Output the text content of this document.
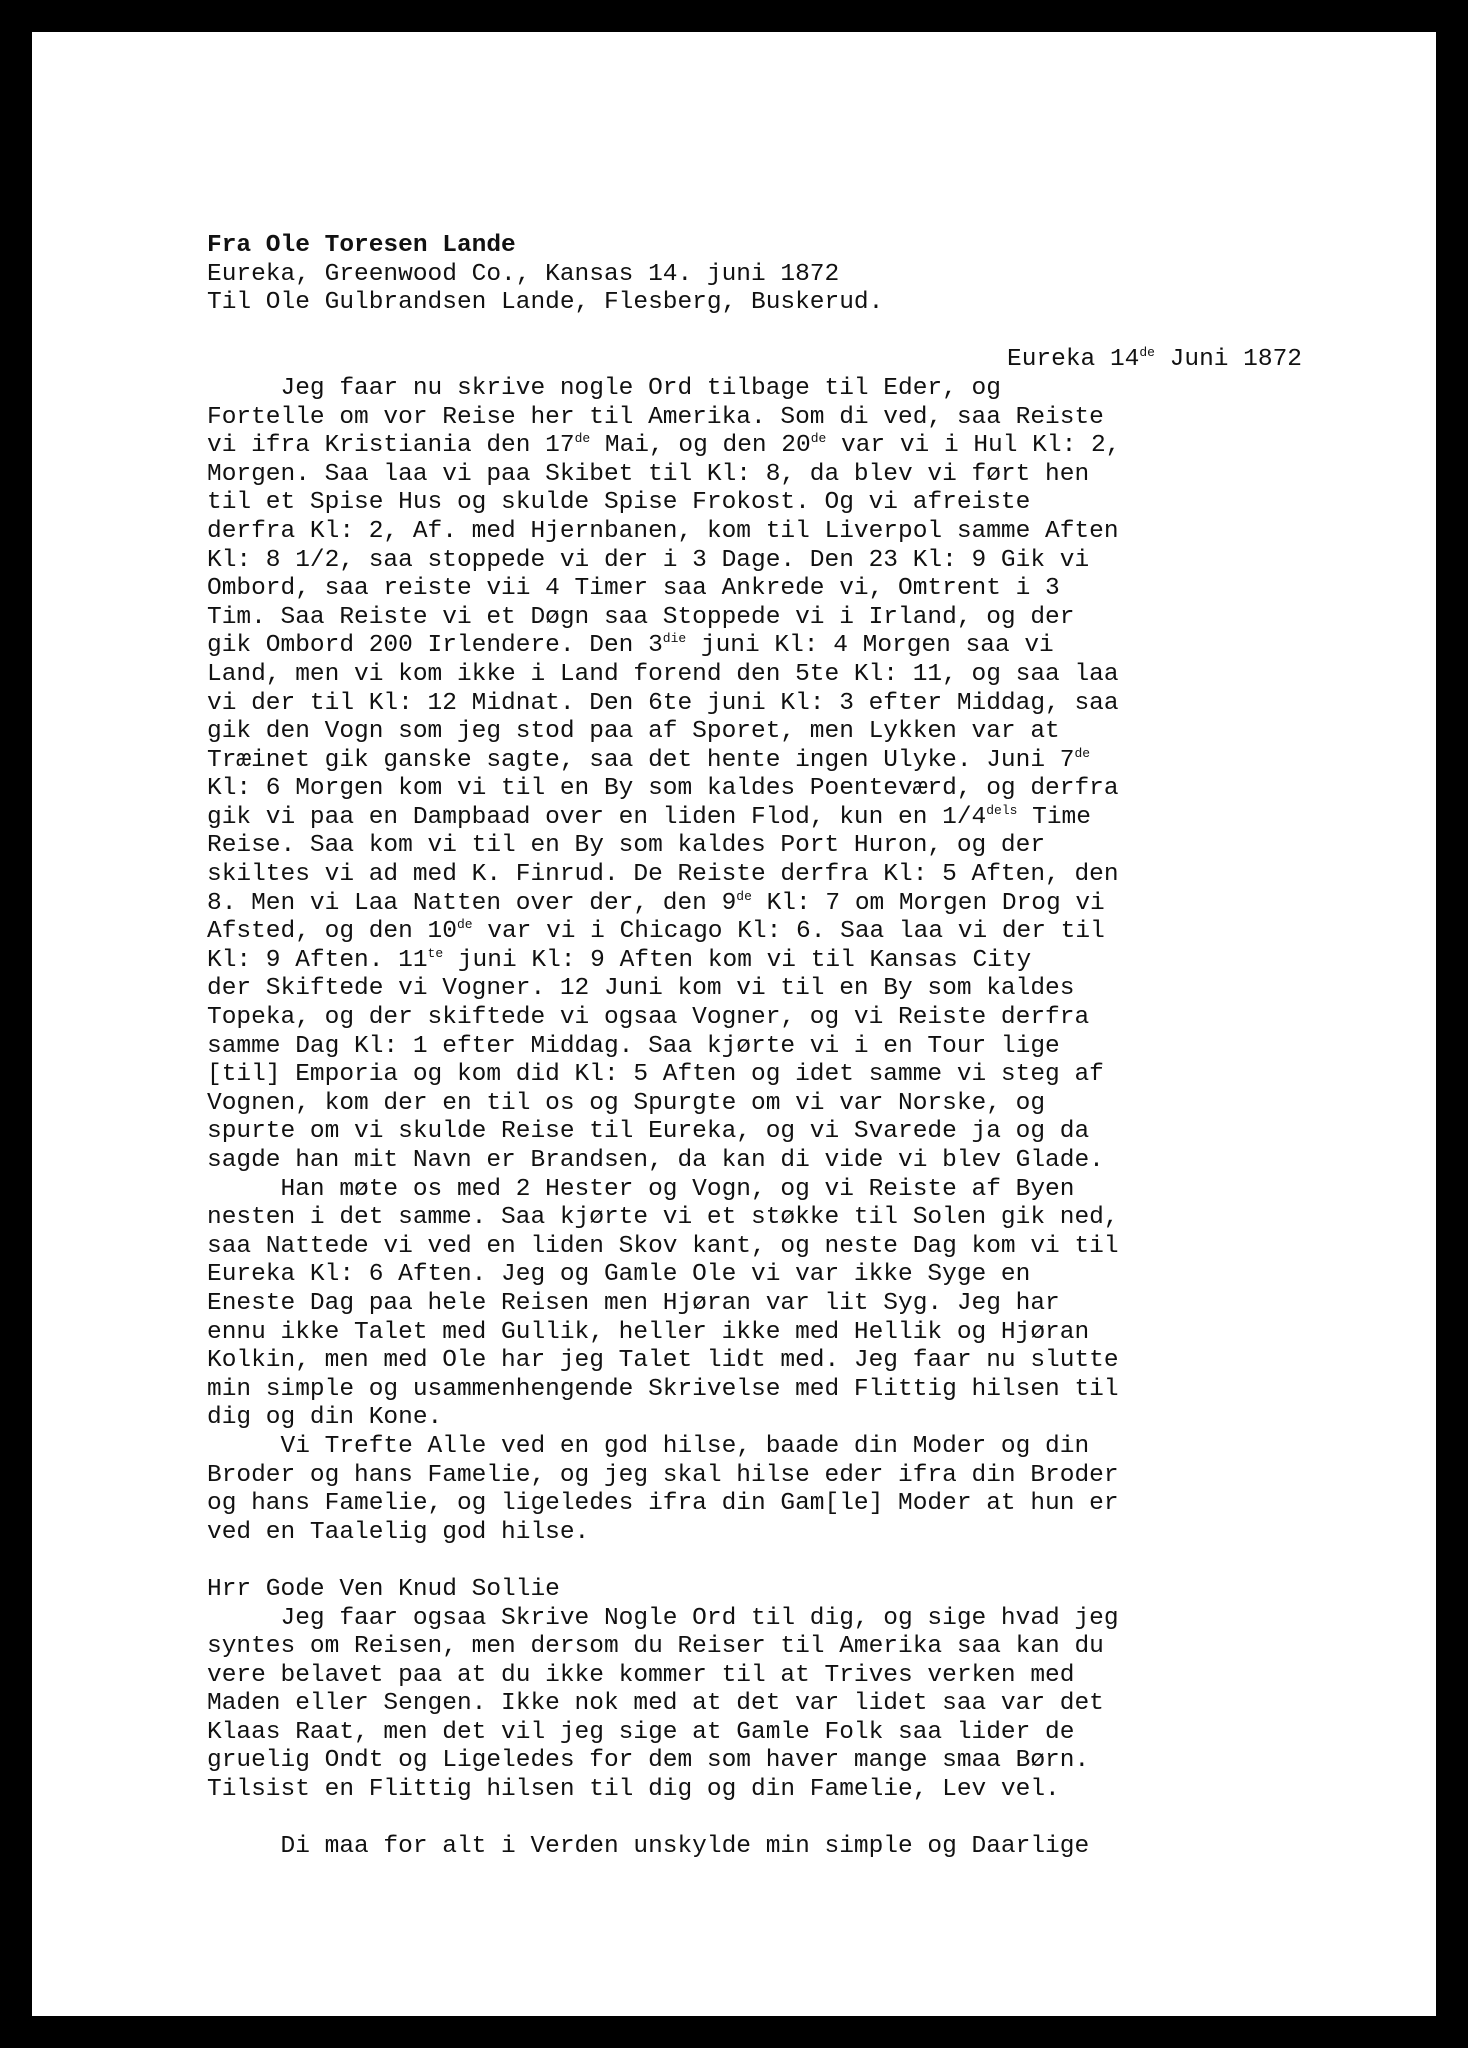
Fra Ole Toresen Lande
Eureka, Greenwood Co., Kansas 14. juni 1872
Til Ole Gulbrandsen Lande, Flesberg, Buskerud.
Eureka 14de Juni 1872
Jeg faar nu skrive nogle Ord tilbage til Eder, og
Fortelle om vor Reise her til Amerika. Som di ved, saa Reiste
vi ifra Kristiania den 17de Mai, og den 20de var vi i Hul Kl: 2,
Morgen. Saa laa vi paa Skibet til Kl: 8, da blev vi ført hen
til et Spise Hus og skulde Spise Frokost. Og vi afreiste
derfra Kl: 2, Af. med Hjernbanen, kom til Liverpol samme Aften
Kl: 8 1/2, saa stoppede vi der i 3 Dage. Den 23 Kl: 9 Gik vi
Ombord, saa reiste vii 4 Timer saa Ankrede vi, Omtrent i 3
Tim. Saa Reiste vi et Døgn saa Stoppede vi i Irland, og der
gik Ombord 200 Irlendere. Den $3^{die}$ juni Kl: 4 Morgen saa vi
Land, men vi kom ikke i Land forend den 5te Kl: 11, og saa laa
vi der til Kl: 12 Midnat. Den 6te juni Kl: 3 efter Middag, saa
gik den Vogn som jeg stod paa af Sporet, men Lykken var at
Træinet gik ganske sagte, saa det hente ingen Ulyke. Juni 7de
Kl: 6 Morgen kom vi til en By som kaldes Poenteværd, og derfra
gik vi paa en Dampbaad over en liden Flod, kun en $1/4^{dels}$ Time
Reise. Saa kom vi til en By som kaldes Port Huron, og der
skiltes vi ad med K. Finrud. De Reiste derfra Kl: 5 Aften, den
8. Men vi Laa Natten over der, den 9de Kl: 7 om Morgen Drog vi
Afsted, og den 10de var vi i Chicago Kl: 6. Saa laa vi der til
Kl: 9 Aften. $11^{te}$ juni Kl: 9 Aften kom vi til Kansas City
der Skiftede vi Vogner. 12 Juni kom vi til en By som kaldes
Topeka, og der skiftede vi ogsaa Vogner, og vi Reiste derfra
samme Dag Kl: 1 efter Middag. Saa kjørte vi i en Tour lige
[til] Emporia og kom did Kl: 5 Aften og idet samme vi steg af
Vognen, kom der en til os og Spurgte om vi var Norske, og
spurte om vi skulde Reise til Eureka, og vi Svarede ja og da
sagde han mit Navn er Brandsen, da kan di vide vi blev Glade.
Han møte os med 2 Hester og Vogn, og vi Reiste af Byen
nesten i det samme. Saa kjørte vi et støkke til Solen gik ned,
saa Nattede vi ved en liden Skov kant, og neste Dag kom vi til
Eureka Kl: 6 Aften. Jeg og Gamle Ole vi var ikke Syge en
Eneste Dag paa hele Reisen men Hjøran var lit Syg. Jeg har
ennu ikke Talet med Gullik, heller ikke med Hellik og Hjøran
Kolkin, men med Ole har jeg Talet lidt med. Jeg faar nu slutte
min simple og usammenhengende Skrivelse med Flittig hilsen til
dig og din Kone.
Vi Trefte Alle ved en god hilse, baade din Moder og din
Broder og hans Famelie, og jeg skal hilse eder ifra din Broder
og hans Famelie, og ligeledes ifra din Gam[le] Moder at hun er
ved en Taalelig god hilse.
Hrr Gode Ven Knud Sollie
Jeg faar ogsaa Skrive Nogle Ord til dig, og sige hvad jeg
syntes om Reisen, men dersom du Reiser til Amerika saa kan du
vere belavet paa at du ikke kommer til at Trives verken med
Maden eller Sengen. Ikke nok med at det var lidet saa var det
Klaas Raat, men det vil jeg sige at Gamle Folk saa lider de
gruelig Ondt og Ligeledes for dem som haver mange smaa Børn.
Tilsist en Flittig hilsen til dig og din Famelie, Lev vel.
Di maa for alt i Verden unskylde min simple og Daarlige
